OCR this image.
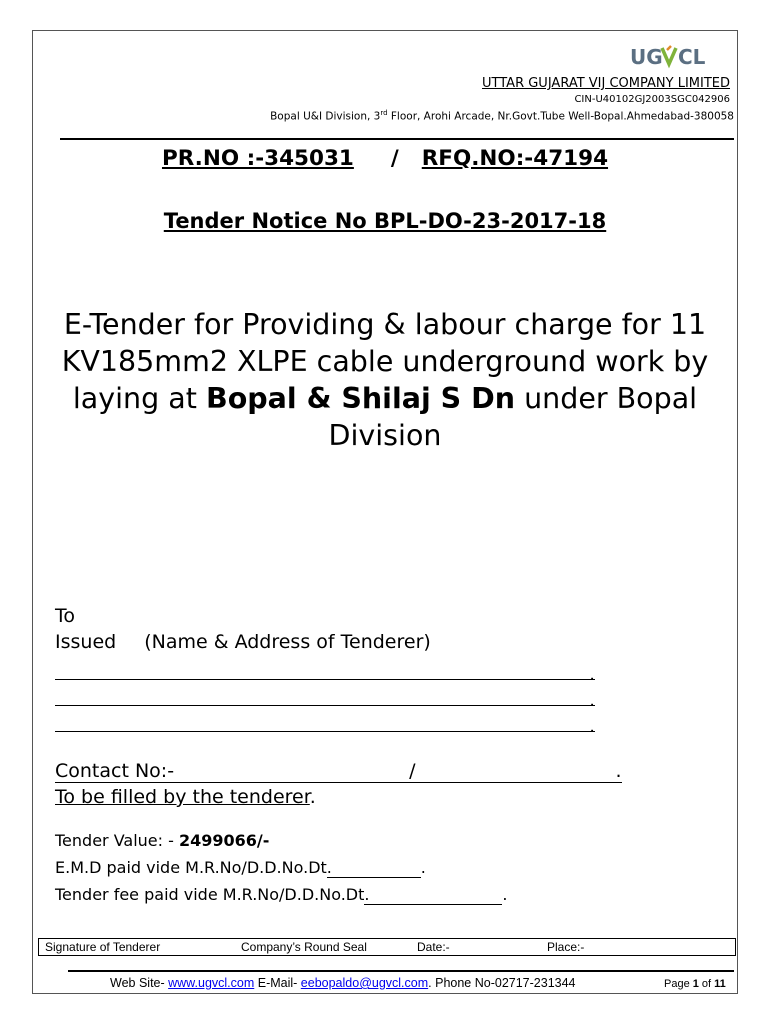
UG CL
UTTAR GUJARAT VIJ COMPANY LIMITED
CIN-U40102GJ2003SGC042906
Bopal U&I Division, 3rd Floor, Arohi Arcade, Nr.Govt.Tube Well-Bopal.Ahmedabad-380058
PR.NO :-345031 / RFQ.NO:-47194
Tender Notice No BPL-DO-23-2017-18
E-Tender for Providing & labour charge for 11 KV185mm2 XLPE cable underground work by laying at Bopal & Shilaj S Dn under Bopal Division
To
Issued (Name & Address of Tenderer)
.
.
.
Contact No:-	/	.
To be filled by the tenderer.
Tender Value: - 2499066/-
E.M.D paid vide M.R.No/D.D.No.Dt.	.
Tender fee paid vide M.R.No/D.D.No.Dt.	.
Signature of Tenderer	Company’s Round Seal	Date:-	Place:-
Web Site- www.ugvcl.com E-Mail- eebopaldo@ugvcl.com. Phone No-02717-231344	Page 1 of 11
